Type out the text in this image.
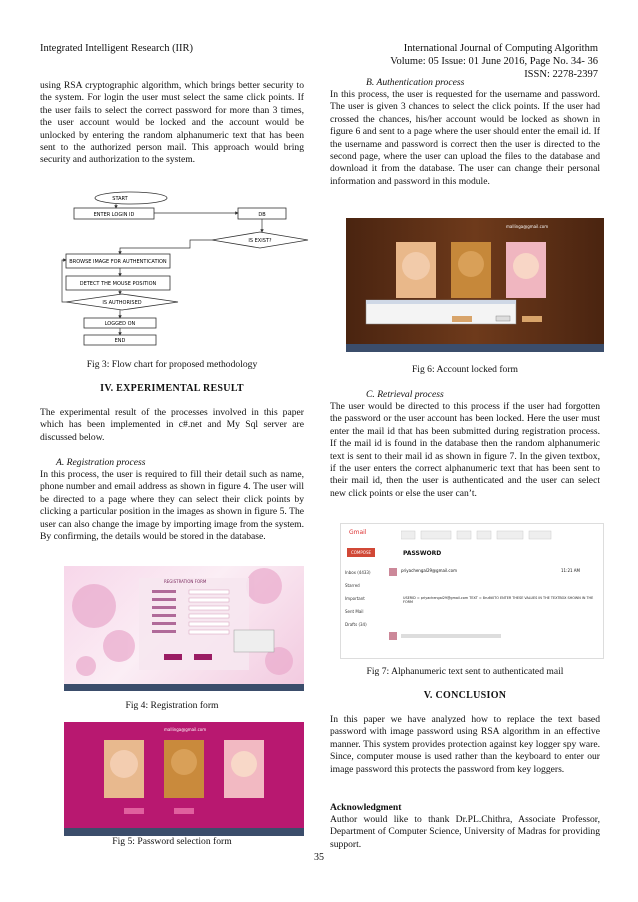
Integrated Intelligent Research (IIR)	International Journal of Computing Algorithm
Volume: 05 Issue: 01 June 2016, Page No. 34- 36
ISSN: 2278-2397

using RSA cryptographic algorithm, which brings better security to the system. For login the user must select the same click points. If the user fails to select the correct password for more than 3 times, the user account would be locked and the account would be unlocked by entering the random alphanumeric text that has been sent to the authorized person mail. This approach would bring security and authorization to the system.

START
ENTER LOGIN ID	DB
IS EXIST?
BROWSE IMAGE FOR AUTHENTICATION
DETECT THE MOUSE POSITION
IS AUTHORISED
LOGGED ON
END
Fig 3: Flow chart for proposed methodology
IV. EXPERIMENTAL RESULT

The experimental result of the processes involved in this paper which has been implemented in c#.net and My Sql server are discussed below.

A. Registration process

In this process, the user is required to fill their detail such as name, phone number and email address as shown in figure 4. The user will be directed to a page where they can select their click points by clicking a particular position in the images as shown in figure 5. The user can also change the image by importing image from the system. By confirming, the details would be stored in the database.

REGISTRATION FORM
Fig 4: Registration form
mallinga@gmail.com
Fig 5: Password selection form
B. Authentication process

In this process, the user is requested for the username and password. The user is given 3 chances to select the click points. If the user had crossed the chances, his/her account would be locked as shown in figure 6 and sent to a page where the user should enter the email id. If the username and password is correct then the user is directed to the second page, where the user can upload the files to the database and download it from the database. The user can change their personal information and password in this module.

mallinga@gmail.com
Fig 6: Account locked form
C. Retrieval process

The user would be directed to this process if the user had forgotten the password or the user account has been locked. Here the user must enter the mail id that has been submitted during registration process. If the mail id is found in the database then the random alphanumeric text is sent to their mail id as shown in figure 7. In the given textbox, if the user enters the correct alphanumeric text that has been sent to their mail id, then the user is authenticated and the user can select new click points or else the user can’t.

Gmail
COMPOSE	PASSWORD
Inbox (4433)
Starred
Important
Sent Mail
Drafts (34)
priyachengal29@gmail.com	11:21 AM
USERID = priyachengal29@gmail.com TEXT = 8ru6t0TO ENTER THESE VALUES IN THE TEXTBOX SHOWN IN THE FORM
Fig 7: Alphanumeric text sent to authenticated mail
V. CONCLUSION

In this paper we have analyzed how to replace the text based password with image password using RSA algorithm in an effective manner. This system provides protection against key logger spy ware. Since, computer mouse is used rather than the keyboard to enter our image password this protects the password from key loggers.

Acknowledgment

Author would like to thank Dr.PL.Chithra, Associate Professor, Department of Computer Science, University of Madras for providing support.

35
